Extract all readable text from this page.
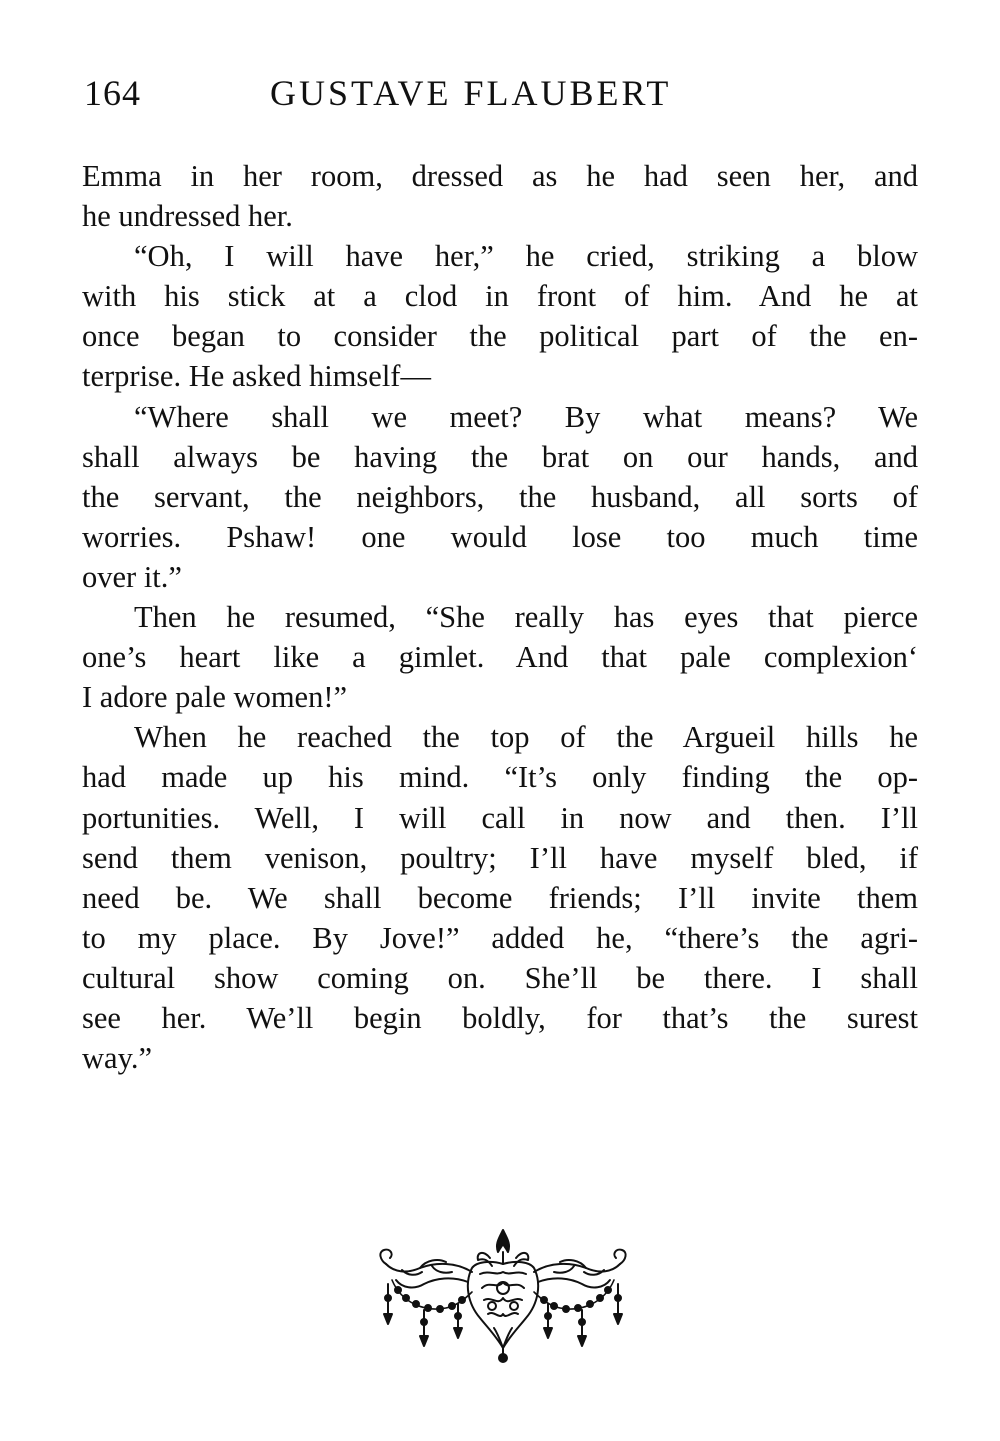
164	GUSTAVE FLAUBERT
Emma in her room, dressed as he had seen her, and
he undressed her.
“Oh, I will have her,” he cried, striking a blow
with his stick at a clod in front of him. And he at
once began to consider the political part of the en-
terprise. He asked himself—
“Where shall we meet? By what means? We
shall always be having the brat on our hands, and
the servant, the neighbors, the husband, all sorts of
worries. Pshaw! one would lose too much time
over it.”
Then he resumed, “She really has eyes that pierce
one’s heart like a gimlet. And that pale complexion‘
I adore pale women!”
When he reached the top of the Argueil hills he
had made up his mind. “It’s only finding the op-
portunities. Well, I will call in now and then. I’ll
send them venison, poultry; I’ll have myself bled, if
need be. We shall become friends; I’ll invite them
to my place. By Jove!” added he, “there’s the agri-
cultural show coming on. She’ll be there. I shall
see her. We’ll begin boldly, for that’s the surest
way.”
